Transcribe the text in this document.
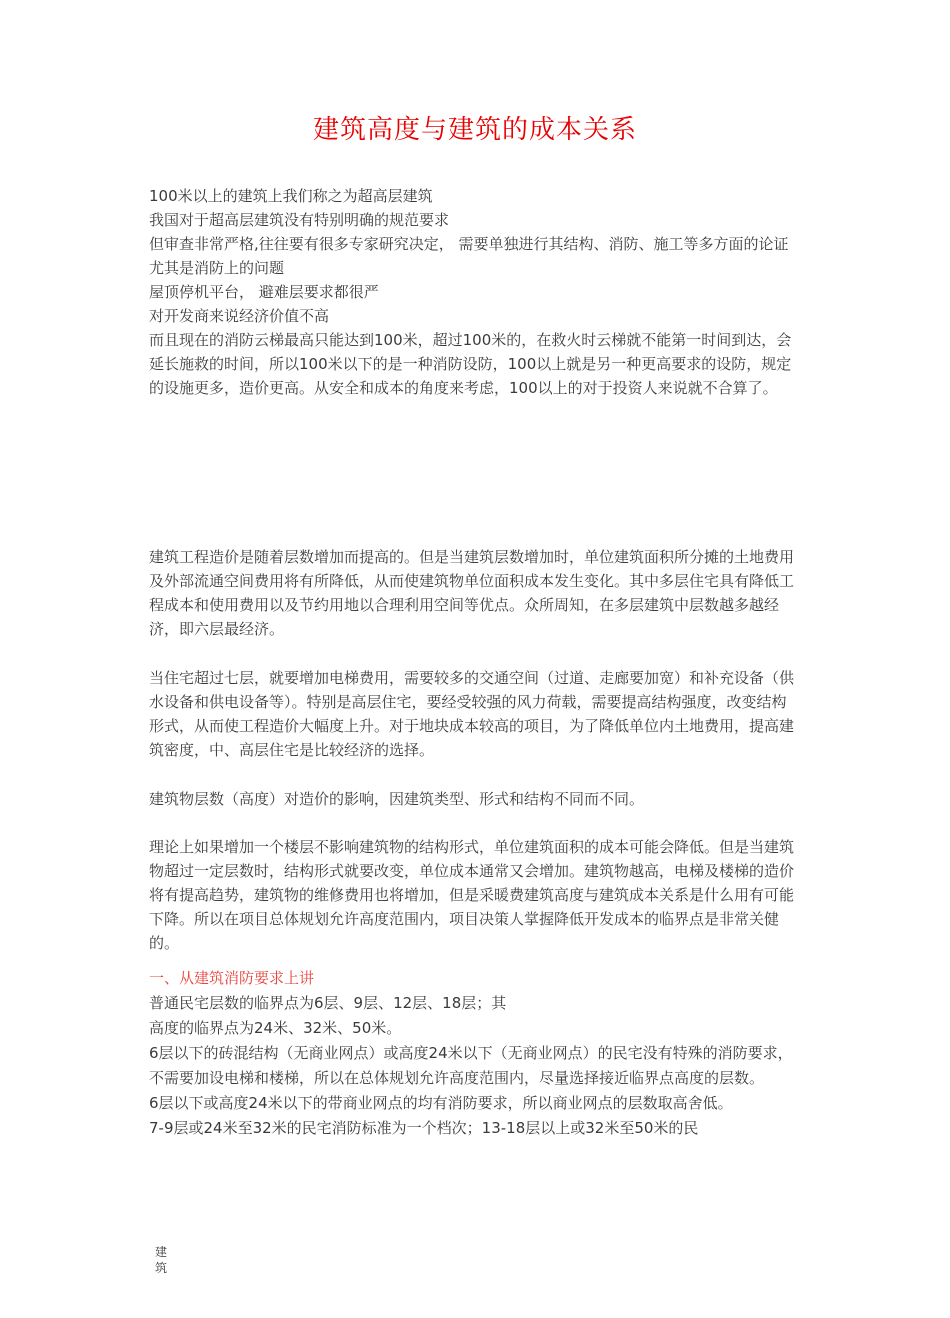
建筑高度与建筑的成本关系

100米以上的建筑上我们称之为超高层建筑

我国对于超高层建筑没有特别明确的规范要求

但审查非常严格,往往要有很多专家研究决定， 需要单独进行其结构、消防、施工等多方面的论证

尤其是消防上的问题

屋顶停机平台， 避难层要求都很严

对开发商来说经济价值不高

而且现在的消防云梯最高只能达到100米，超过100米的，在救火时云梯就不能第一时间到达，会延长施救的时间，所以100米以下的是一种消防设防，100以上就是另一种更高要求的设防，规定的设施更多，造价更高。从安全和成本的角度来考虑，100以上的对于投资人来说就不合算了。

建筑工程造价是随着层数增加而提高的。但是当建筑层数增加时，单位建筑面积所分摊的土地费用及外部流通空间费用将有所降低，从而使建筑物单位面积成本发生变化。其中多层住宅具有降低工程成本和使用费用以及节约用地以合理利用空间等优点。众所周知，在多层建筑中层数越多越经济，即六层最经济。

当住宅超过七层，就要增加电梯费用，需要较多的交通空间（过道、走廊要加宽）和补充设备（供水设备和供电设备等）。特别是高层住宅，要经受较强的风力荷载，需要提高结构强度，改变结构形式，从而使工程造价大幅度上升。对于地块成本较高的项目，为了降低单位内土地费用，提高建筑密度，中、高层住宅是比较经济的选择。

建筑物层数（高度）对造价的影响，因建筑类型、形式和结构不同而不同。

理论上如果增加一个楼层不影响建筑物的结构形式，单位建筑面积的成本可能会降低。但是当建筑物超过一定层数时，结构形式就要改变，单位成本通常又会增加。建筑物越高，电梯及楼梯的造价将有提高趋势，建筑物的维修费用也将增加，但是采暖费建筑高度与建筑成本关系是什么用有可能下降。所以在项目总体规划允许高度范围内，项目决策人掌握降低开发成本的临界点是非常关健的。

一、从建筑消防要求上讲

普通民宅层数的临界点为6层、9层、12层、18层；其

高度的临界点为24米、32米、50米。

6层以下的砖混结构（无商业网点）或高度24米以下（无商业网点）的民宅没有特殊的消防要求，不需要加设电梯和楼梯，所以在总体规划允许高度范围内，尽量选择接近临界点高度的层数。

6层以下或高度24米以下的带商业网点的均有消防要求，所以商业网点的层数取高舍低。

7-9层或24米至32米的民宅消防标准为一个档次；13-18层以上或32米至50米的民

建
筑
